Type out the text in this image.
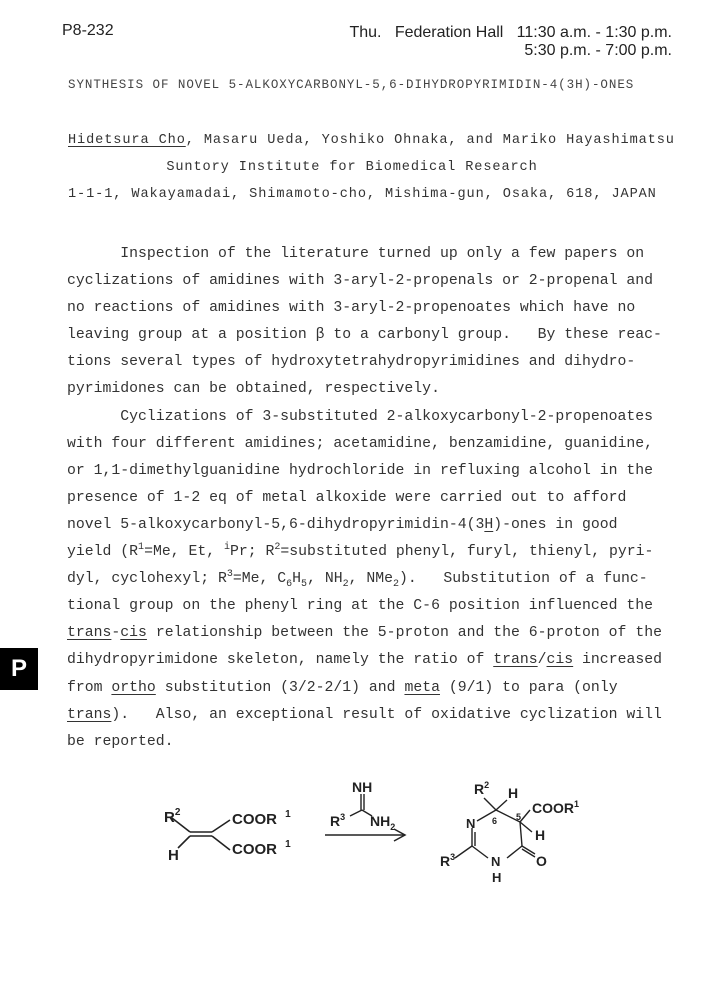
P8-232	Thu.   Federation Hall   11:30 a.m. - 1:30 p.m.
5:30 p.m. - 7:00 p.m.
SYNTHESIS OF NOVEL 5-ALKOXYCARBONYL-5,6-DIHYDROPYRIMIDIN-4(3H)-ONES
Hidetsura Cho, Masaru Ueda, Yoshiko Ohnaka, and Mariko Hayashimatsu
Suntory Institute for Biomedical Research
1-1-1, Wakayamadai, Shimamoto-cho, Mishima-gun, Osaka, 618, JAPAN
Inspection of the literature turned up only a few papers on
cyclizations of amidines with 3-aryl-2-propenals or 2-propenal and
no reactions of amidines with 3-aryl-2-propenoates which have no
leaving group at a position β to a carbonyl group.   By these reac-
tions several types of hydroxytetrahydropyrimidines and dihydro-
pyrimidones can be obtained, respectively.
Cyclizations of 3-substituted 2-alkoxycarbonyl-2-propenoates
with four different amidines; acetamidine, benzamidine, guanidine,
or 1,1-dimethylguanidine hydrochloride in refluxing alcohol in the
presence of 1-2 eq of metal alkoxide were carried out to afford
novel 5-alkoxycarbonyl-5,6-dihydropyrimidin-4(3H)-ones in good
yield ($R^1=Me$, Et, $^i$Pr; $R^2=substituted$ phenyl, furyl, thienyl, pyri-
dyl, cyclohexyl; $R^3=Me$, $C_6H_5$, $NH_2$, NMe$_2$).   Substitution of a func-
tional group on the phenyl ring at the C-6 position influenced the
trans-cis relationship between the 5-proton and the 6-proton of the
dihydropyrimidone skeleton, namely the ratio of trans/cis increased
from ortho substitution (3/2-2/1) and meta (9/1) to para (only
trans).   Also, an exceptional result of oxidative cyclization will
be reported.
P
$R^2$
H
COOR $^1$
COOR $^1$
NH
$R^3$ $NH_2$
$R^2$ H
COOR$^1$
H
N 6 5
$R^3$	N
H
O
